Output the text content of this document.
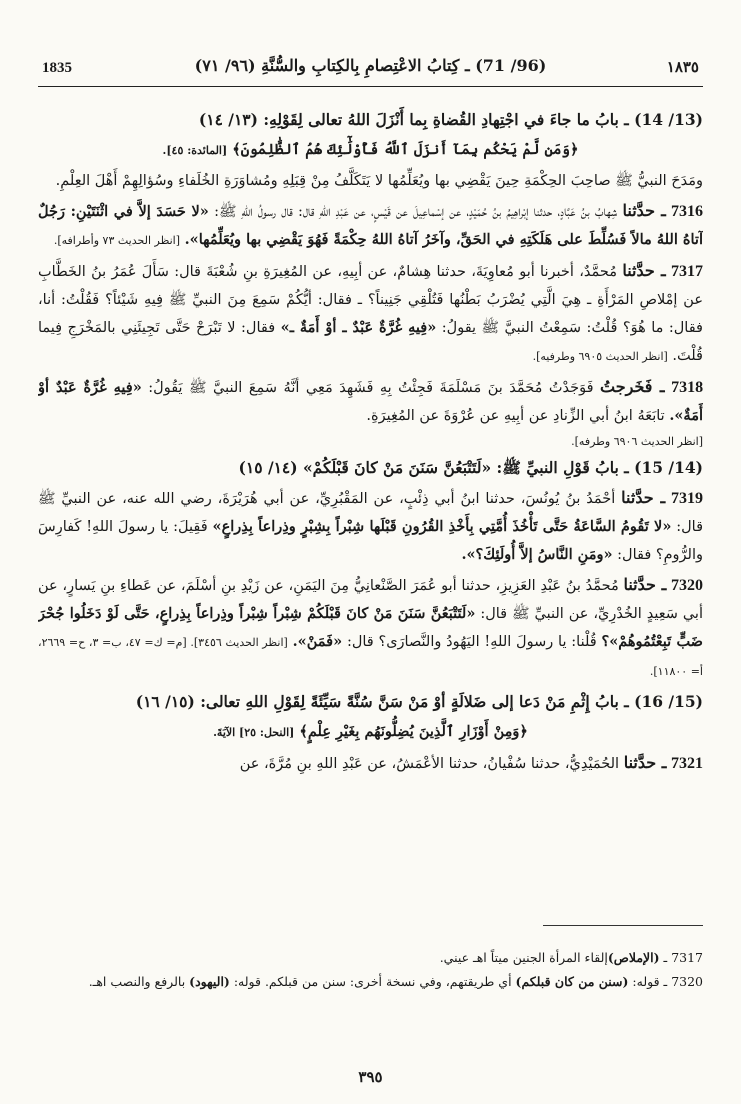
1835	(96/ 71) ـ كِتابُ الاعْتِصامِ بِالكِتابِ والسُّنَّةِ (٩٦/ ٧١)	١٨٣٥

(13/ 14) ـ بابُ ما جاءَ في اجْتِهادِ القُضاةِ بِما أَنْزَلَ اللهُ تعالى لِقَوْلِهِ: (١٣/ ١٤)

﴿وَمَن لَّمْ يَحْكُم بِمَآ أَنزَلَ ٱللَّهُ فَأُوْلَٰٓئِكَ هُمُ ٱلظَّٰلِمُونَ﴾ [المائدة: ٤٥].

ومَدَحَ النبيُّ ﷺ صاحِبَ الحِكْمَةِ حِينَ يَقْضِي بها ويُعَلِّمُها لا يَتَكَلَّفُ مِنْ قِبَلِهِ ومُشاوَرَةِ الخُلَفاءِ وسُؤالِهِمْ أَهْلَ العِلْمِ.

7316 ـ حدَّثنا شِهابُ بنُ عَبَّادٍ، حدثنا إبْراهِيمُ بنُ حُمَيْدٍ، عن إسْماعِيلَ عن قَيْسٍ، عن عَبْدِ اللهِ قال: قال رسولُ اللهِ ﷺ: «لا حَسَدَ إلاَّ في اثْنَتَيْنِ: رَجُلٌ آتاهُ اللهُ مالاً فَسُلِّطَ على هَلَكَتِهِ في الحَقِّ، وآخَرُ آتاهُ اللهُ حِكْمَةً فَهُوَ يَقْضِي بها ويُعَلِّمُها». [انظر الحديث ٧٣ وأطرافه].

7317 ـ حدَّثنا مُحمَّدٌ، أخبرنا أبو مُعاوِيَةَ، حدثنا هِشامٌ، عن أبِيهِ، عن المُغِيرَةِ بنِ شُعْبَةَ قال: سَأَلَ عُمَرُ بنُ الخَطَّابِ عن إمْلاصِ المَرْأَةِ ـ هِيَ الَّتِي يُضْرَبُ بَطْنُها فَتُلْقِي جَنِيناً؟ ـ فقال: أيُّكُمْ سَمِعَ مِنَ النبيِّ ﷺ فِيهِ شَيْئاً؟ فَقُلْتُ: أنا، فقال: ما هُوَ؟ قُلْتُ: سَمِعْتُ النبيَّ ﷺ يقولُ: «فِيهِ غُرَّةٌ عَبْدٌ ـ أوْ أَمَةٌ ـ» فقال: لا تَبْرَحْ حَتَّى تَجِيئَنِي بالمَخْرَجِ فِيما قُلْتَ. [انظر الحديث ٦٩٠٥ وطرفيه].

7318 ـ فَخَرجتُ فَوَجَدْتُ مُحَمَّدَ بنَ مَسْلَمَةَ فَجِئْتُ بِهِ فَشَهِدَ مَعِي أنَّهُ سَمِعَ النبيَّ ﷺ يَقُولُ: «فِيهِ غُرَّةٌ عَبْدٌ أوْ أَمَةٌ». تابَعَهُ ابنُ أبي الزِّنادِ عن أبِيهِ عن عُرْوَةَ عن المُغِيرَةِ.

[انظر الحديث ٦٩٠٦ وطرفه].

(14/ 15) ـ بابُ قَوْلِ النبيِّ ﷺ: «لَتَتْبَعُنَّ سَنَنَ مَنْ كانَ قَبْلَكُمْ» (١٤/ ١٥)

7319 ـ حدَّثنا أحْمَدُ بنُ يُونُسَ، حدثنا ابنُ أبي ذِئْبٍ، عن المَقْبُرِيِّ، عن أبي هُرَيْرَةَ، رضي الله عنه، عن النبيِّ ﷺ قال: «لا تَقُومُ السَّاعَةُ حَتَّى تَأْخُذَ أُمَّتِي بِأَخْذِ القُرُونِ قَبْلَها شِبْراً بِشِبْرٍ وذِراعاً بِذِراعٍ» فَقِيلَ: يا رسولَ اللهِ! كَفارِسَ والرُّومِ؟ فقال: «ومَنِ النَّاسُ إلاَّ أُولَئِكَ؟».

7320 ـ حدَّثنا مُحمَّدُ بنُ عَبْدِ العَزِيزِ، حدثنا أبو عُمَرَ الصَّنْعانِيُّ مِنَ اليَمَنِ، عن زَيْدِ بنِ أسْلَمَ، عن عَطاءِ بنِ يَسارٍ، عن أبي سَعِيدٍ الخُدْرِيِّ، عن النبيِّ ﷺ قال: «لَتَتْبَعُنَّ سَنَنَ مَنْ كانَ قَبْلَكُمْ شِبْراً شِبْراً وذِراعاً بِذِراعٍ، حَتَّى لَوْ دَخَلُوا جُحْرَ ضَبٍّ تَبِعْتُمُوهُمْ»؟ قُلْنا: يا رسولَ اللهِ! اليَهُودُ والنَّصارَى؟ قال: «فَمَنْ». [انظر الحديث ٣٤٥٦]. [م= ك= ٤٧، ب= ٣، ح= ٢٦٦٩، أ= ١١٨٠٠].

(15/ 16) ـ بابُ إِثْمِ مَنْ دَعا إلى ضَلالَةٍ أوْ مَنْ سَنَّ سُنَّةً سَيِّئَةً لِقَوْلِ اللهِ تعالى: (١٥/ ١٦)

﴿وَمِنْ أَوْزَارِ ٱلَّذِينَ يُضِلُّونَهُم بِغَيْرِ عِلْمٍ﴾ [النحل: ٢٥] الآيَةَ.

7321 ـ حدَّثنا الحُمَيْدِيُّ، حدثنا سُفْيانُ، حدثنا الأعْمَشُ، عن عَبْدِ اللهِ بنِ مُرَّةَ، عن

7317 ـ (الإملاص)إلقاء المرأة الجنين ميتاً اهـ عيني.

7320 ـ قوله: (سنن من كان قبلكم) أي طريقتهم، وفي نسخة أخرى: سنن من قبلكم. قوله: (اليهود) بالرفع والنصب اهـ.

٣٩٥
